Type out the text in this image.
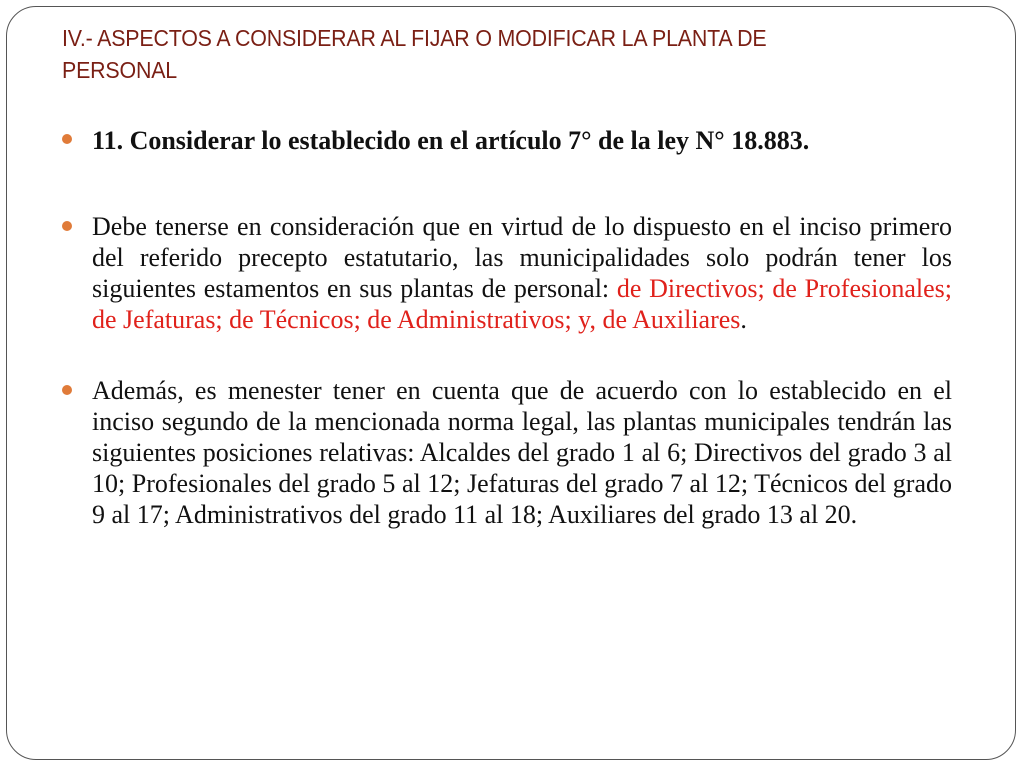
IV.- ASPECTOS A CONSIDERAR AL FIJAR O MODIFICAR LA PLANTA DE PERSONAL
11. Considerar lo establecido en el artículo 7° de la ley N° 18.883.
Debe tenerse en consideración que en virtud de lo dispuesto en el inciso primero del referido precepto estatutario, las municipalidades solo podrán tener los siguientes estamentos en sus plantas de personal: de Directivos; de Profesionales; de Jefaturas; de Técnicos; de Administrativos; y, de Auxiliares.
Además, es menester tener en cuenta que de acuerdo con lo establecido en el inciso segundo de la mencionada norma legal, las plantas municipales tendrán las siguientes posiciones relativas: Alcaldes del grado 1 al 6; Directivos del grado 3 al 10; Profesionales del grado 5 al 12; Jefaturas del grado 7 al 12; Técnicos del grado 9 al 17; Administrativos del grado 11 al 18; Auxiliares del grado 13 al 20.
